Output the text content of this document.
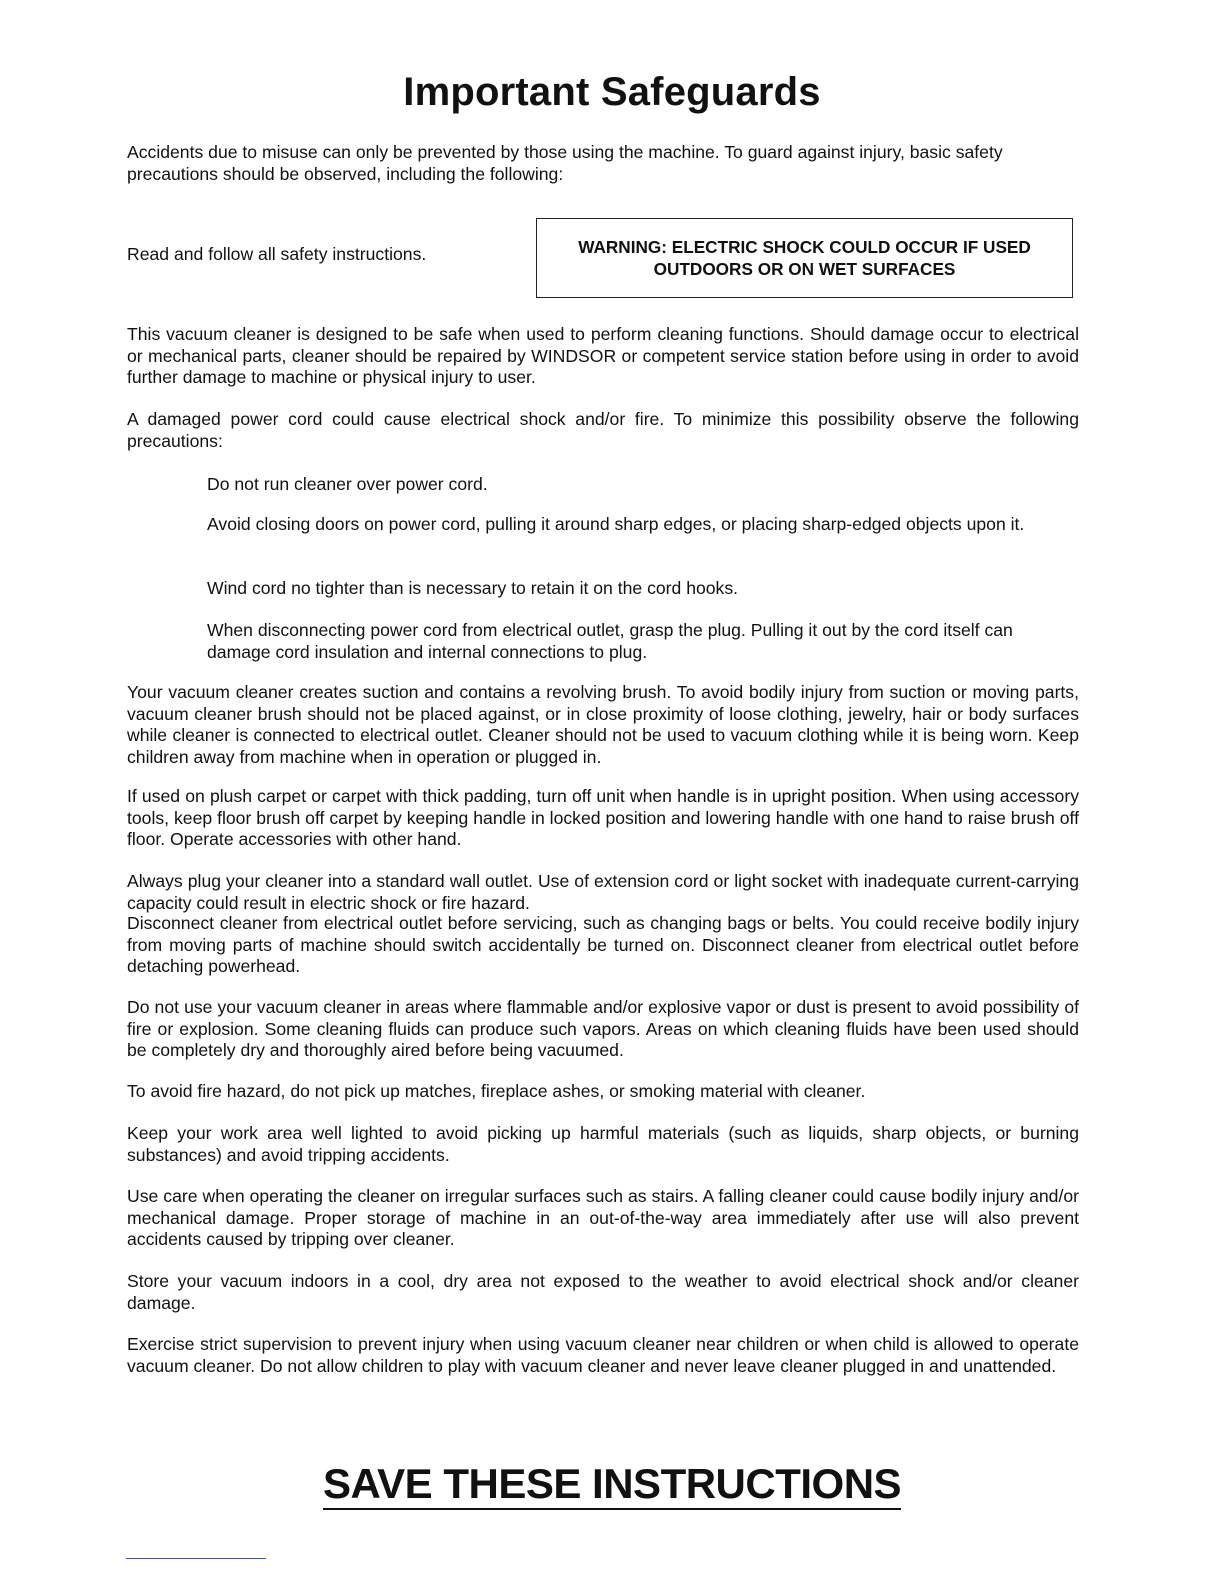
Important Safeguards

Accidents due to misuse can only be prevented by those using the machine. To guard against injury, basic safety precautions should be observed, including the following:

Read and follow all safety instructions.	WARNING: ELECTRIC SHOCK COULD OCCUR IF USED
OUTDOORS OR ON WET SURFACES

This vacuum cleaner is designed to be safe when used to perform cleaning functions. Should damage occur to electrical or mechanical parts, cleaner should be repaired by WINDSOR or competent service station before using in order to avoid further damage to machine or physical injury to user.

A damaged power cord could cause electrical shock and/or fire. To minimize this possibility observe the following precautions:

Do not run cleaner over power cord.

Avoid closing doors on power cord, pulling it around sharp edges, or placing sharp-edged objects upon it.

Wind cord no tighter than is necessary to retain it on the cord hooks.

When disconnecting power cord from electrical outlet, grasp the plug. Pulling it out by the cord itself can damage cord insulation and internal connections to plug.

Your vacuum cleaner creates suction and contains a revolving brush. To avoid bodily injury from suction or moving parts, vacuum cleaner brush should not be placed against, or in close proximity of loose clothing, jewelry, hair or body surfaces while cleaner is connected to electrical outlet. Cleaner should not be used to vacuum clothing while it is being worn. Keep children away from machine when in operation or plugged in.

If used on plush carpet or carpet with thick padding, turn off unit when handle is in upright position. When using accessory tools, keep floor brush off carpet by keeping handle in locked position and lowering handle with one hand to raise brush off floor. Operate accessories with other hand.

Always plug your cleaner into a standard wall outlet. Use of extension cord or light socket with inadequate current-carrying capacity could result in electric shock or fire hazard.

Disconnect cleaner from electrical outlet before servicing, such as changing bags or belts. You could receive bodily injury from moving parts of machine should switch accidentally be turned on. Disconnect cleaner from electrical outlet before detaching powerhead.

Do not use your vacuum cleaner in areas where flammable and/or explosive vapor or dust is present to avoid possibility of fire or explosion. Some cleaning fluids can produce such vapors. Areas on which cleaning fluids have been used should be completely dry and thoroughly aired before being vacuumed.

To avoid fire hazard, do not pick up matches, fireplace ashes, or smoking material with cleaner.

Keep your work area well lighted to avoid picking up harmful materials (such as liquids, sharp objects, or burning substances) and avoid tripping accidents.

Use care when operating the cleaner on irregular surfaces such as stairs. A falling cleaner could cause bodily injury and/or mechanical damage. Proper storage of machine in an out-of-the-way area immediately after use will also prevent accidents caused by tripping over cleaner.

Store your vacuum indoors in a cool, dry area not exposed to the weather to avoid electrical shock and/or cleaner damage.

Exercise strict supervision to prevent injury when using vacuum cleaner near children or when child is allowed to operate vacuum cleaner. Do not allow children to play with vacuum cleaner and never leave cleaner plugged in and unattended.

SAVE THESE INSTRUCTIONS
